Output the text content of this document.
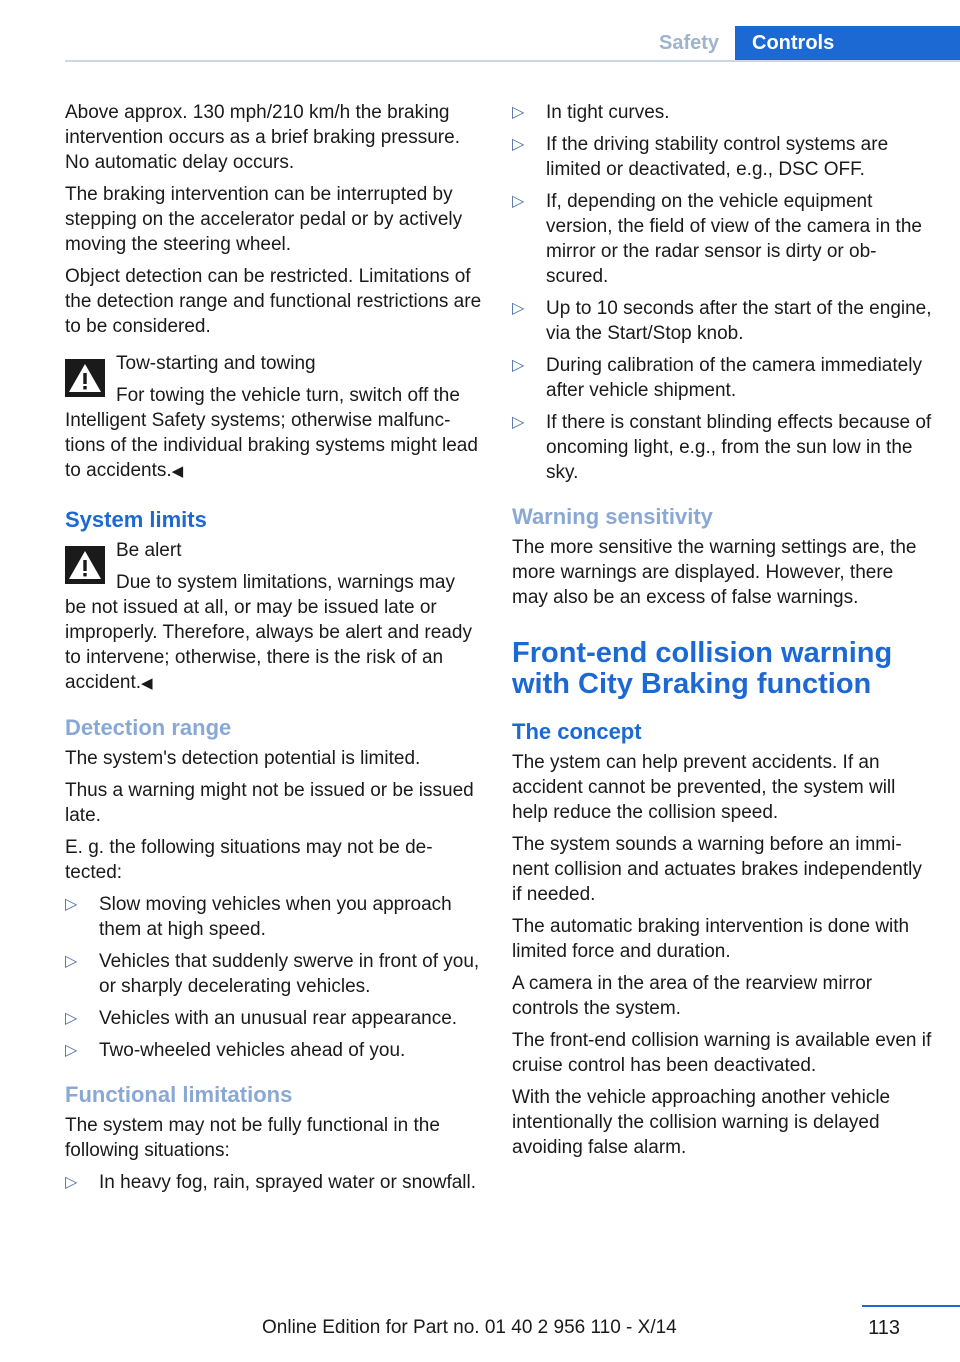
Safety	Controls

Above approx. 130 mph/210 km/h the braking intervention occurs as a brief braking pressure. No automatic delay occurs.

The braking intervention can be interrupted by stepping on the accelerator pedal or by actively moving the steering wheel.

Object detection can be restricted. Limitations of the detection range and functional restrictions are to be considered.

Tow-starting and towing

For towing the vehicle turn, switch off the

Intelligent Safety systems; otherwise malfunctions of the individual braking systems might lead to accidents.◀

System limits

Be alert

Due to system limitations, warnings may

be not issued at all, or may be issued late or improperly. Therefore, always be alert and ready to intervene; otherwise, there is the risk of an accident.◀

Detection range

The system's detection potential is limited.

Thus a warning might not be issued or be issued late.

E. g. the following situations may not be detected:

▷ Slow moving vehicles when you approach them at high speed.
▷ Vehicles that suddenly swerve in front of you, or sharply decelerating vehicles.
▷ Vehicles with an unusual rear appearance.
▷ Two-wheeled vehicles ahead of you.
Functional limitations

The system may not be fully functional in the following situations:

▷ In heavy fog, rain, sprayed water or snowfall.
▷ In tight curves.
▷ If the driving stability control systems are limited or deactivated, e.g., DSC OFF.
▷ If, depending on the vehicle equipment version, the field of view of the camera in the mirror or the radar sensor is dirty or obscured.
▷ Up to 10 seconds after the start of the engine, via the Start/Stop knob.
▷ During calibration of the camera immediately after vehicle shipment.
▷ If there is constant blinding effects because of oncoming light, e.g., from the sun low in the sky.
Warning sensitivity

The more sensitive the warning settings are, the more warnings are displayed. However, there may also be an excess of false warnings.

Front-end collision warning with City Braking function
The concept

The ystem can help prevent accidents. If an accident cannot be prevented, the system will help reduce the collision speed.

The system sounds a warning before an imminent collision and actuates brakes independently if needed.

The automatic braking intervention is done with limited force and duration.

A camera in the area of the rearview mirror controls the system.

The front-end collision warning is available even if cruise control has been deactivated.

With the vehicle approaching another vehicle intentionally the collision warning is delayed avoiding false alarm.

113
Online Edition for Part no. 01 40 2 956 110 - X/14
